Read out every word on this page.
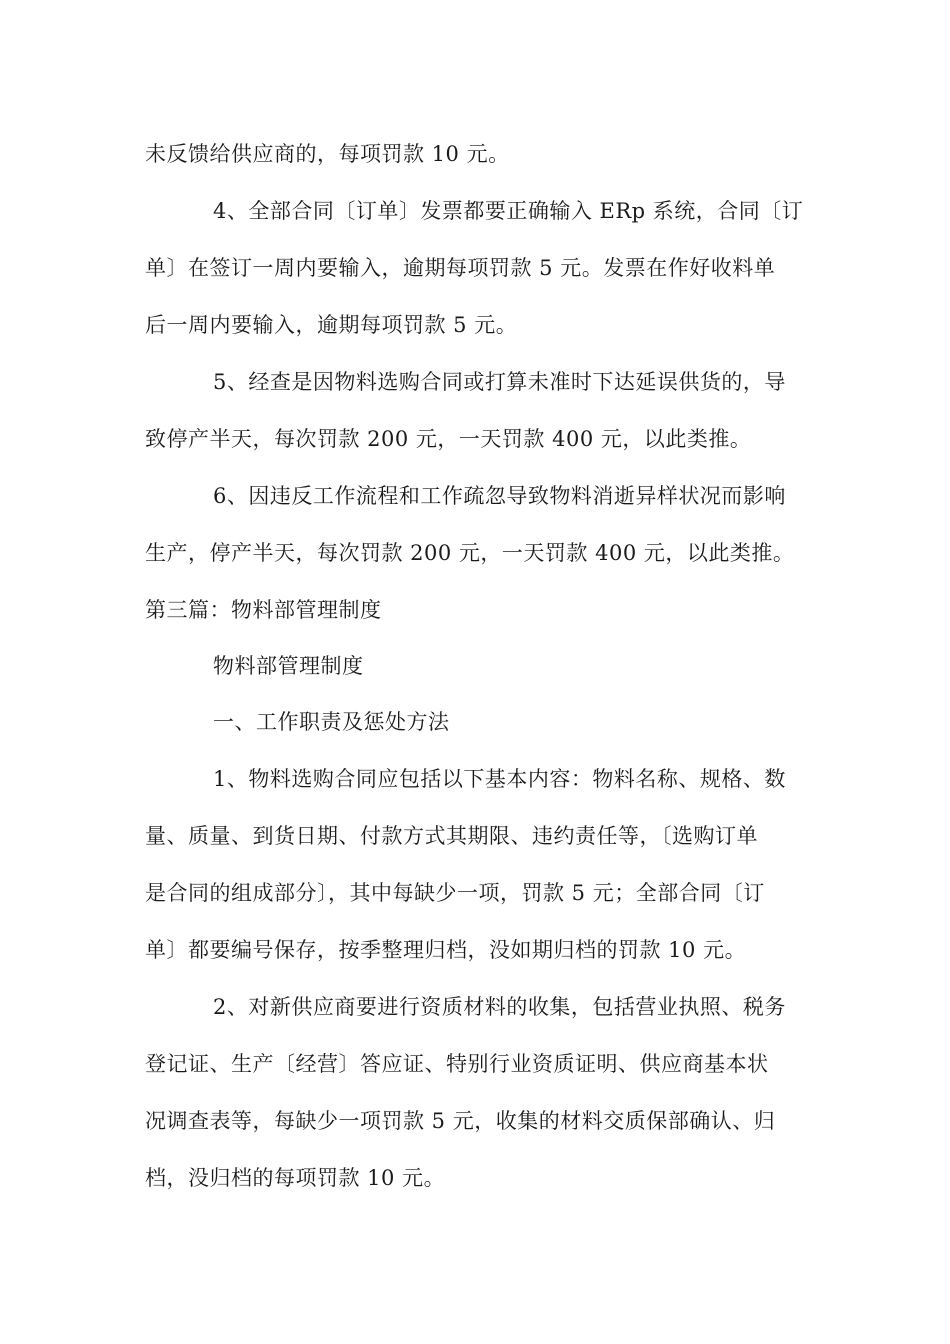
未反馈给供应商的，每项罚款 10 元。
4、全部合同〔订单〕发票都要正确输入 ERp 系统，合同〔订
单〕在签订一周内要输入，逾期每项罚款 5 元。发票在作好收料单
后一周内要输入，逾期每项罚款 5 元。
5、经查是因物料选购合同或打算未准时下达延误供货的，导
致停产半天，每次罚款 200 元，一天罚款 400 元，以此类推。
6、因违反工作流程和工作疏忽导致物料消逝异样状况而影响
生产，停产半天，每次罚款 200 元，一天罚款 400 元，以此类推。
第三篇：物料部管理制度
物料部管理制度
一、工作职责及惩处方法
1、物料选购合同应包括以下基本内容：物料名称、规格、数
量、质量、到货日期、付款方式其期限、违约责任等，〔选购订单
是合同的组成部分〕，其中每缺少一项，罚款 5 元；全部合同〔订
单〕都要编号保存，按季整理归档，没如期归档的罚款 10 元。
2、对新供应商要进行资质材料的收集，包括营业执照、税务
登记证、生产〔经营〕答应证、特别行业资质证明、供应商基本状
况调查表等，每缺少一项罚款 5 元，收集的材料交质保部确认、归
档，没归档的每项罚款 10 元。
